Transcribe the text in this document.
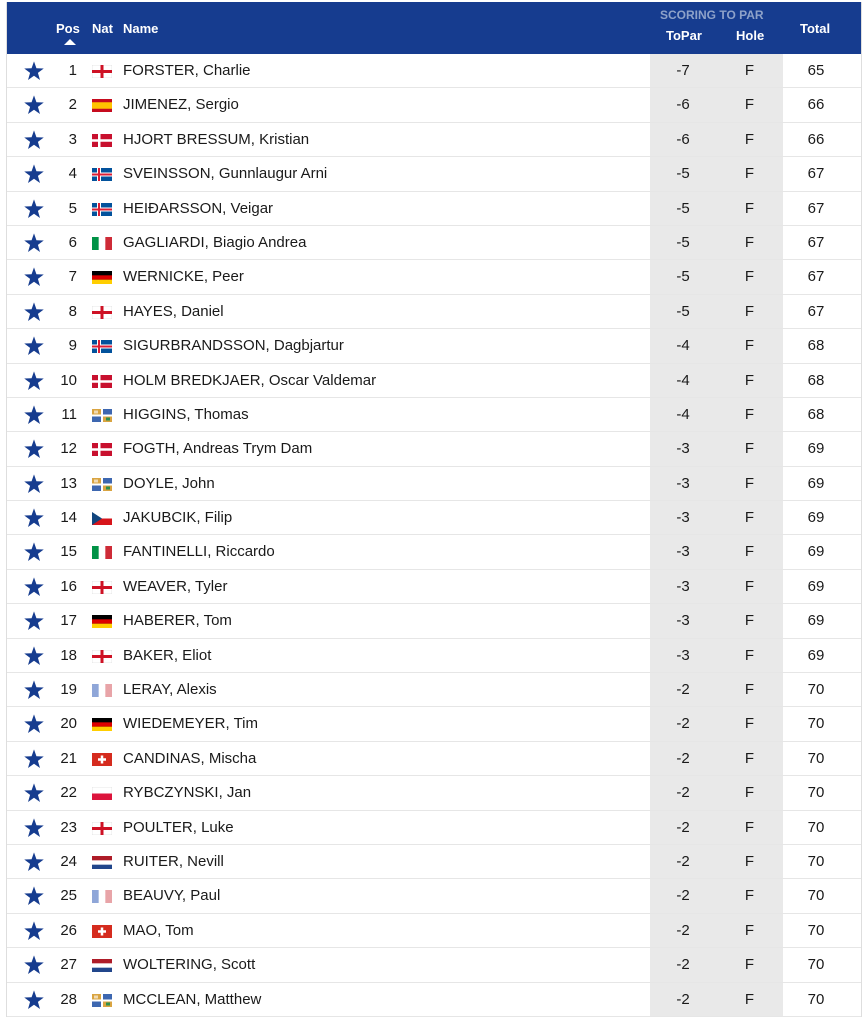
Pos Nat Name
SCORING TO PAR
ToPar	Hole	Total
1	FORSTER, Charlie	-7	F	65
2	JIMENEZ, Sergio	-6	F	66
3	HJORT BRESSUM, Kristian	-6	F	66
4	SVEINSSON, Gunnlaugur Arni	-5	F	67
5	HEIÐARSSON, Veigar	-5	F	67
6	GAGLIARDI, Biagio Andrea	-5	F	67
7	WERNICKE, Peer	-5	F	67
8	HAYES, Daniel	-5	F	67
9	SIGURBRANDSSON, Dagbjartur	-4	F	68
10	HOLM BREDKJAER, Oscar Valdemar	-4	F	68
11	HIGGINS, Thomas	-4	F	68
12	FOGTH, Andreas Trym Dam	-3	F	69
13	DOYLE, John	-3	F	69
14	JAKUBCIK, Filip	-3	F	69
15	FANTINELLI, Riccardo	-3	F	69
16	WEAVER, Tyler	-3	F	69
17	HABERER, Tom	-3	F	69
18	BAKER, Eliot	-3	F	69
19	LERAY, Alexis	-2	F	70
20	WIEDEMEYER, Tim	-2	F	70
21	CANDINAS, Mischa	-2	F	70
22	RYBCZYNSKI, Jan	-2	F	70
23	POULTER, Luke	-2	F	70
24	RUITER, Nevill	-2	F	70
25	BEAUVY, Paul	-2	F	70
26	MAO, Tom	-2	F	70
27	WOLTERING, Scott	-2	F	70
28	MCCLEAN, Matthew	-2	F	70
